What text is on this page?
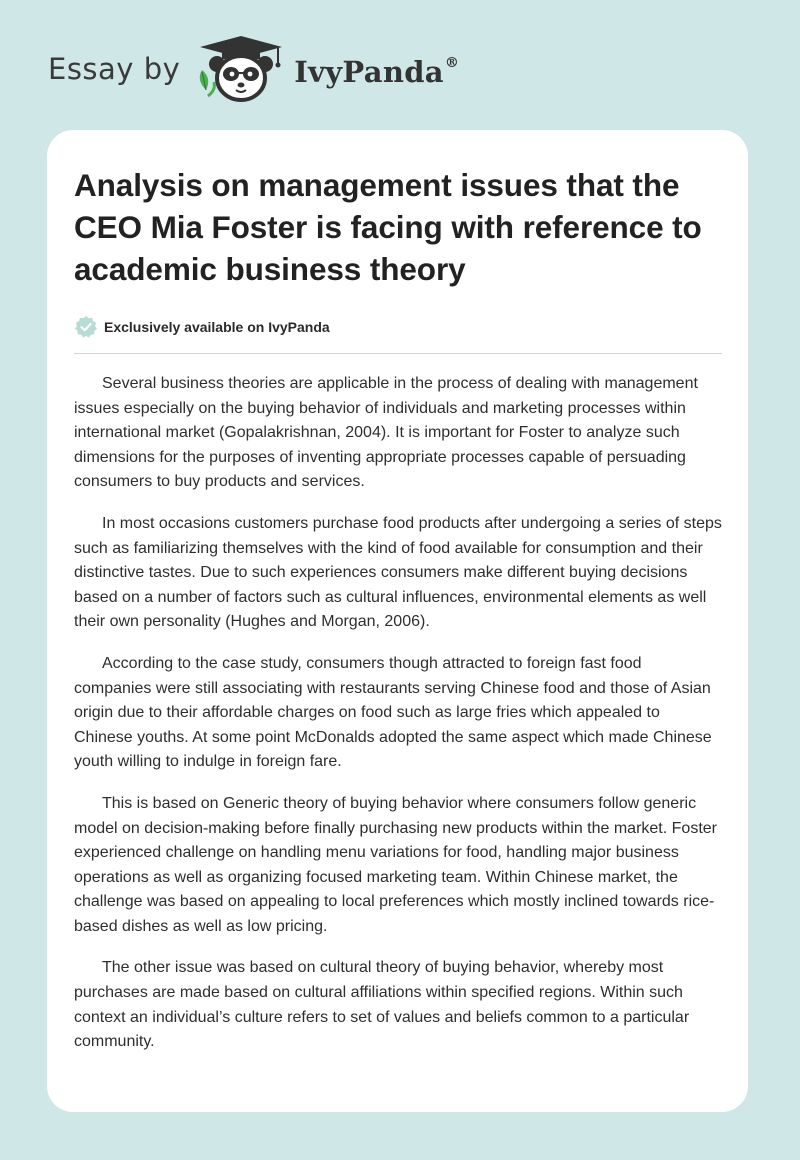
Essay by	IvyPanda®
Analysis on management issues that the CEO Mia Foster is facing with reference to academic business theory
Exclusively available on IvyPanda

Several business theories are applicable in the process of dealing with management issues especially on the buying behavior of individuals and marketing processes within international market (Gopalakrishnan, 2004). It is important for Foster to analyze such dimensions for the purposes of inventing appropriate processes capable of persuading consumers to buy products and services.

In most occasions customers purchase food products after undergoing a series of steps such as familiarizing themselves with the kind of food available for consumption and their distinctive tastes. Due to such experiences consumers make different buying decisions based on a number of factors such as cultural influences, environmental elements as well their own personality (Hughes and Morgan, 2006).

According to the case study, consumers though attracted to foreign fast food companies were still associating with restaurants serving Chinese food and those of Asian origin due to their affordable charges on food such as large fries which appealed to Chinese youths. At some point McDonalds adopted the same aspect which made Chinese youth willing to indulge in foreign fare.

This is based on Generic theory of buying behavior where consumers follow generic model on decision-making before finally purchasing new products within the market. Foster experienced challenge on handling menu variations for food, handling major business operations as well as organizing focused marketing team. Within Chinese market, the challenge was based on appealing to local preferences which mostly inclined towards rice-based dishes as well as low pricing.

The other issue was based on cultural theory of buying behavior, whereby most purchases are made based on cultural affiliations within specified regions. Within such context an individual’s culture refers to set of values and beliefs common to a particular community.
